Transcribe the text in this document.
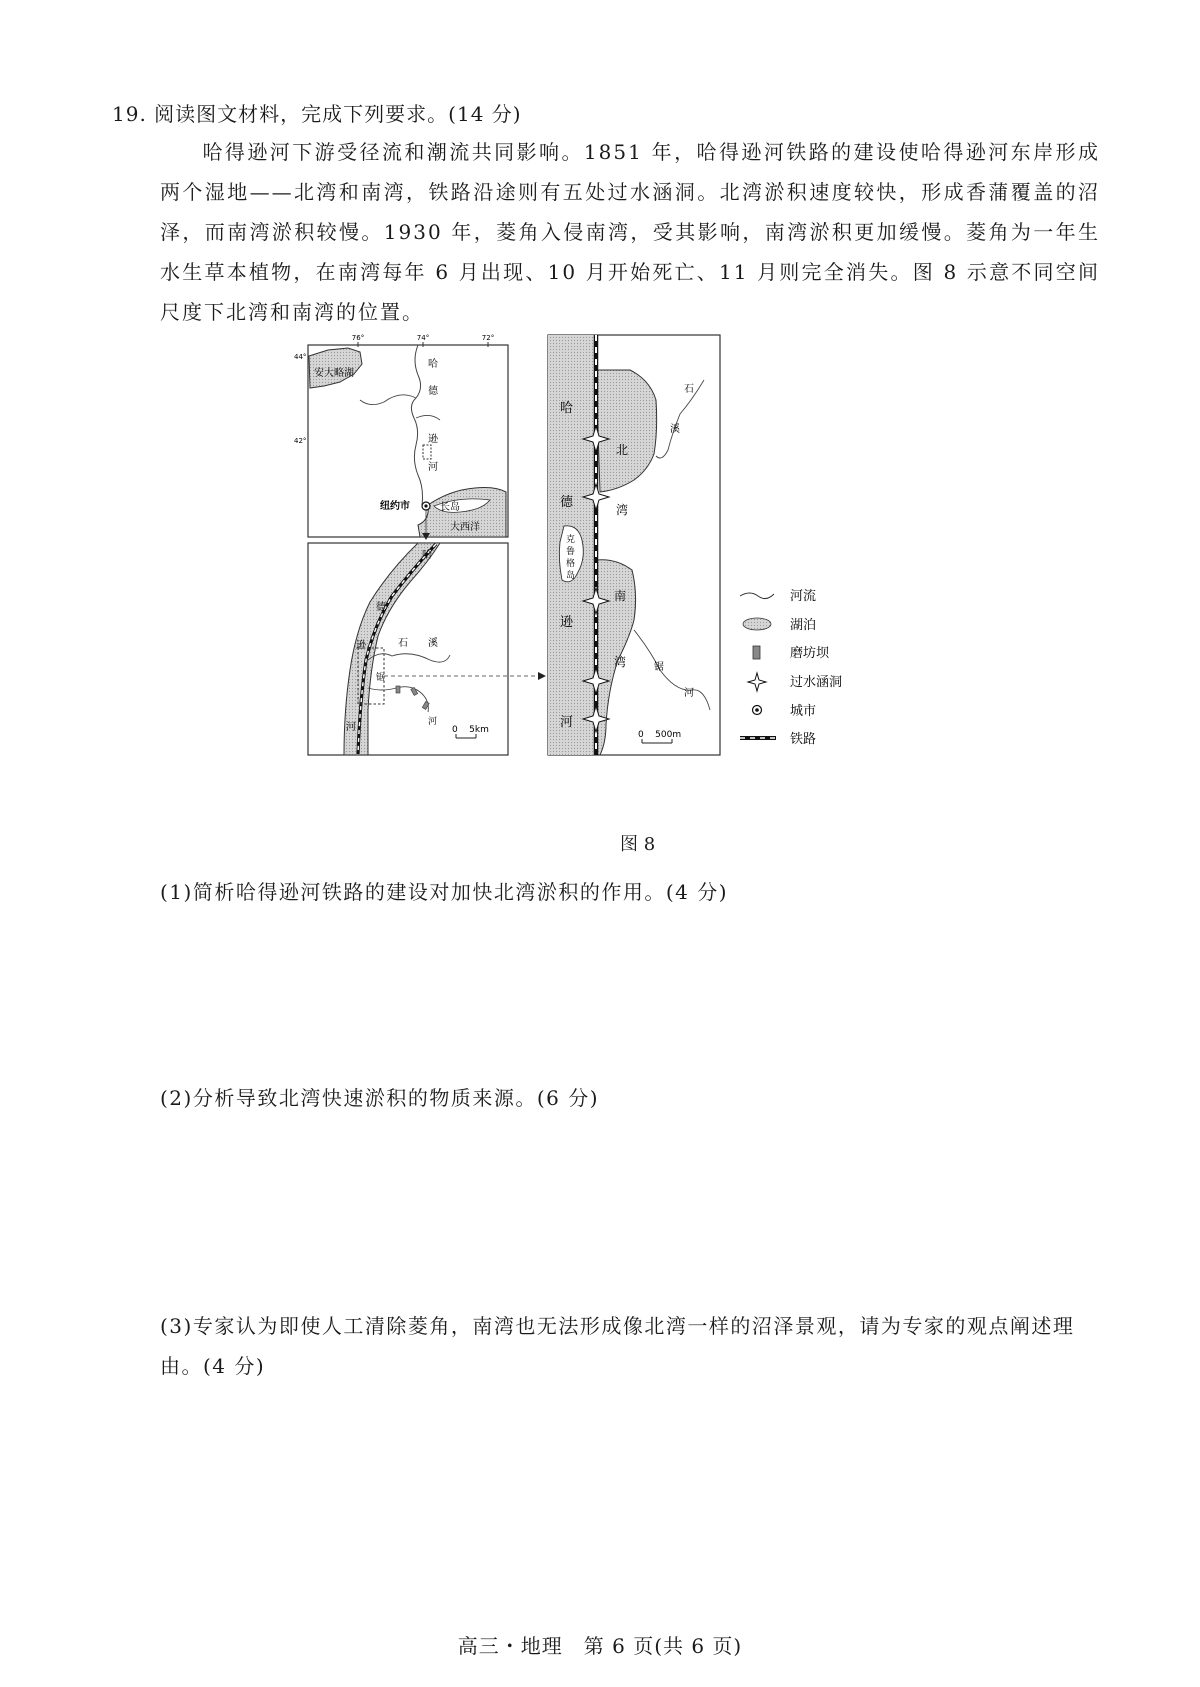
19. 阅读图文材料，完成下列要求。(14 分)
哈得逊河下游受径流和潮流共同影响。1851 年，哈得逊河铁路的建设使哈得逊河东岸形成两个湿地——北湾和南湾，铁路沿途则有五处过水涵洞。北湾淤积速度较快，形成香蒲覆盖的沼泽，而南湾淤积较慢。1930 年，菱角入侵南湾，受其影响，南湾淤积更加缓慢。菱角为一年生水生草本植物，在南湾每年 6 月出现、10 月开始死亡、11 月则完全消失。图 8 示意不同空间尺度下北湾和南湾的位置。
76°	74°	72°
44°
42°
安大略湖
哈
德
逊
河
长岛
大西洋
纽约市
哈
德
逊
河
石 溪
锯
河
0    5km
哈
德
逊
河
北
湾
南
湾
克
鲁
格
岛
石
溪
锯
河
0    500m
河流
湖泊
磨坊坝
过水涵洞
城市
铁路
图 8
(1)简析哈得逊河铁路的建设对加快北湾淤积的作用。(4 分)
(2)分析导致北湾快速淤积的物质来源。(6 分)
(3)专家认为即使人工清除菱角，南湾也无法形成像北湾一样的沼泽景观，请为专家的观点阐述理由。(4 分)
高三・地理　第 6 页(共 6 页)
